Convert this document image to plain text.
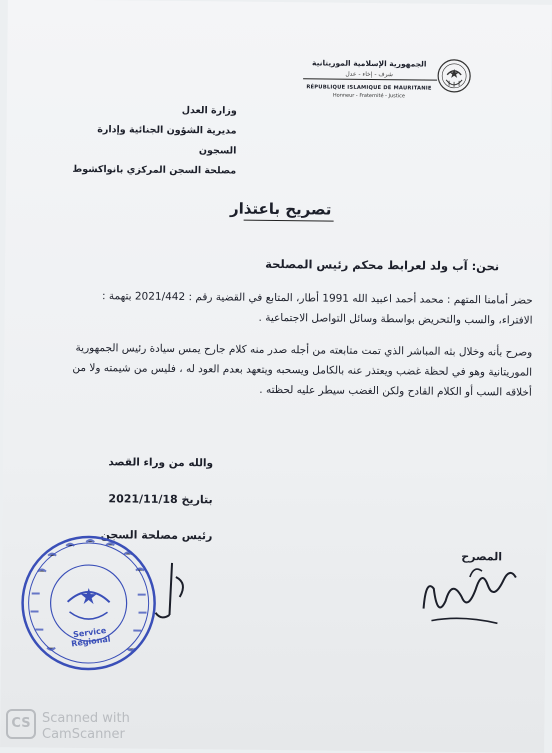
وزارة العدل
مديرية الشؤون الجنائية وإدارة السجون
مصلحة السجن المركزي بانواكشوط
الجمهورية الإسلامية الموريتانية
شرف - إخاء - عدل
RÉPUBLIQUE ISLAMIQUE DE MAURITANIE
Honneur - Fraternité - Justice
تصريح باعتذار
نحن: آب ولد لعرابط محكم رئيس المصلحة
حضر أمامنا المتهم : محمد أحمد اعبيد الله 1991 أطار، المتابع في القضية رقم : 2021/442 بتهمة : الافتراء، والسب والتحريض بواسطة وسائل التواصل الاجتماعية .
وصرح بأنه وخلال بثه المباشر الذي تمت متابعته من أجله صدر منه كلام جارح يمس سيادة رئيس الجمهورية الموريتانية وهو في لحظة غضب ويعتذر عنه بالكامل ويسحبه ويتعهد بعدم العود له ، فليس من شيمته ولا من أخلاقه السب أو الكلام القادح ولكن الغضب سيطر عليه لحظته .
والله من وراء القصد
بتاريخ 2021/11/18
رئيس مصلحة السجن
المصرح
Service Régional
CS Scanned with
CamScanner
